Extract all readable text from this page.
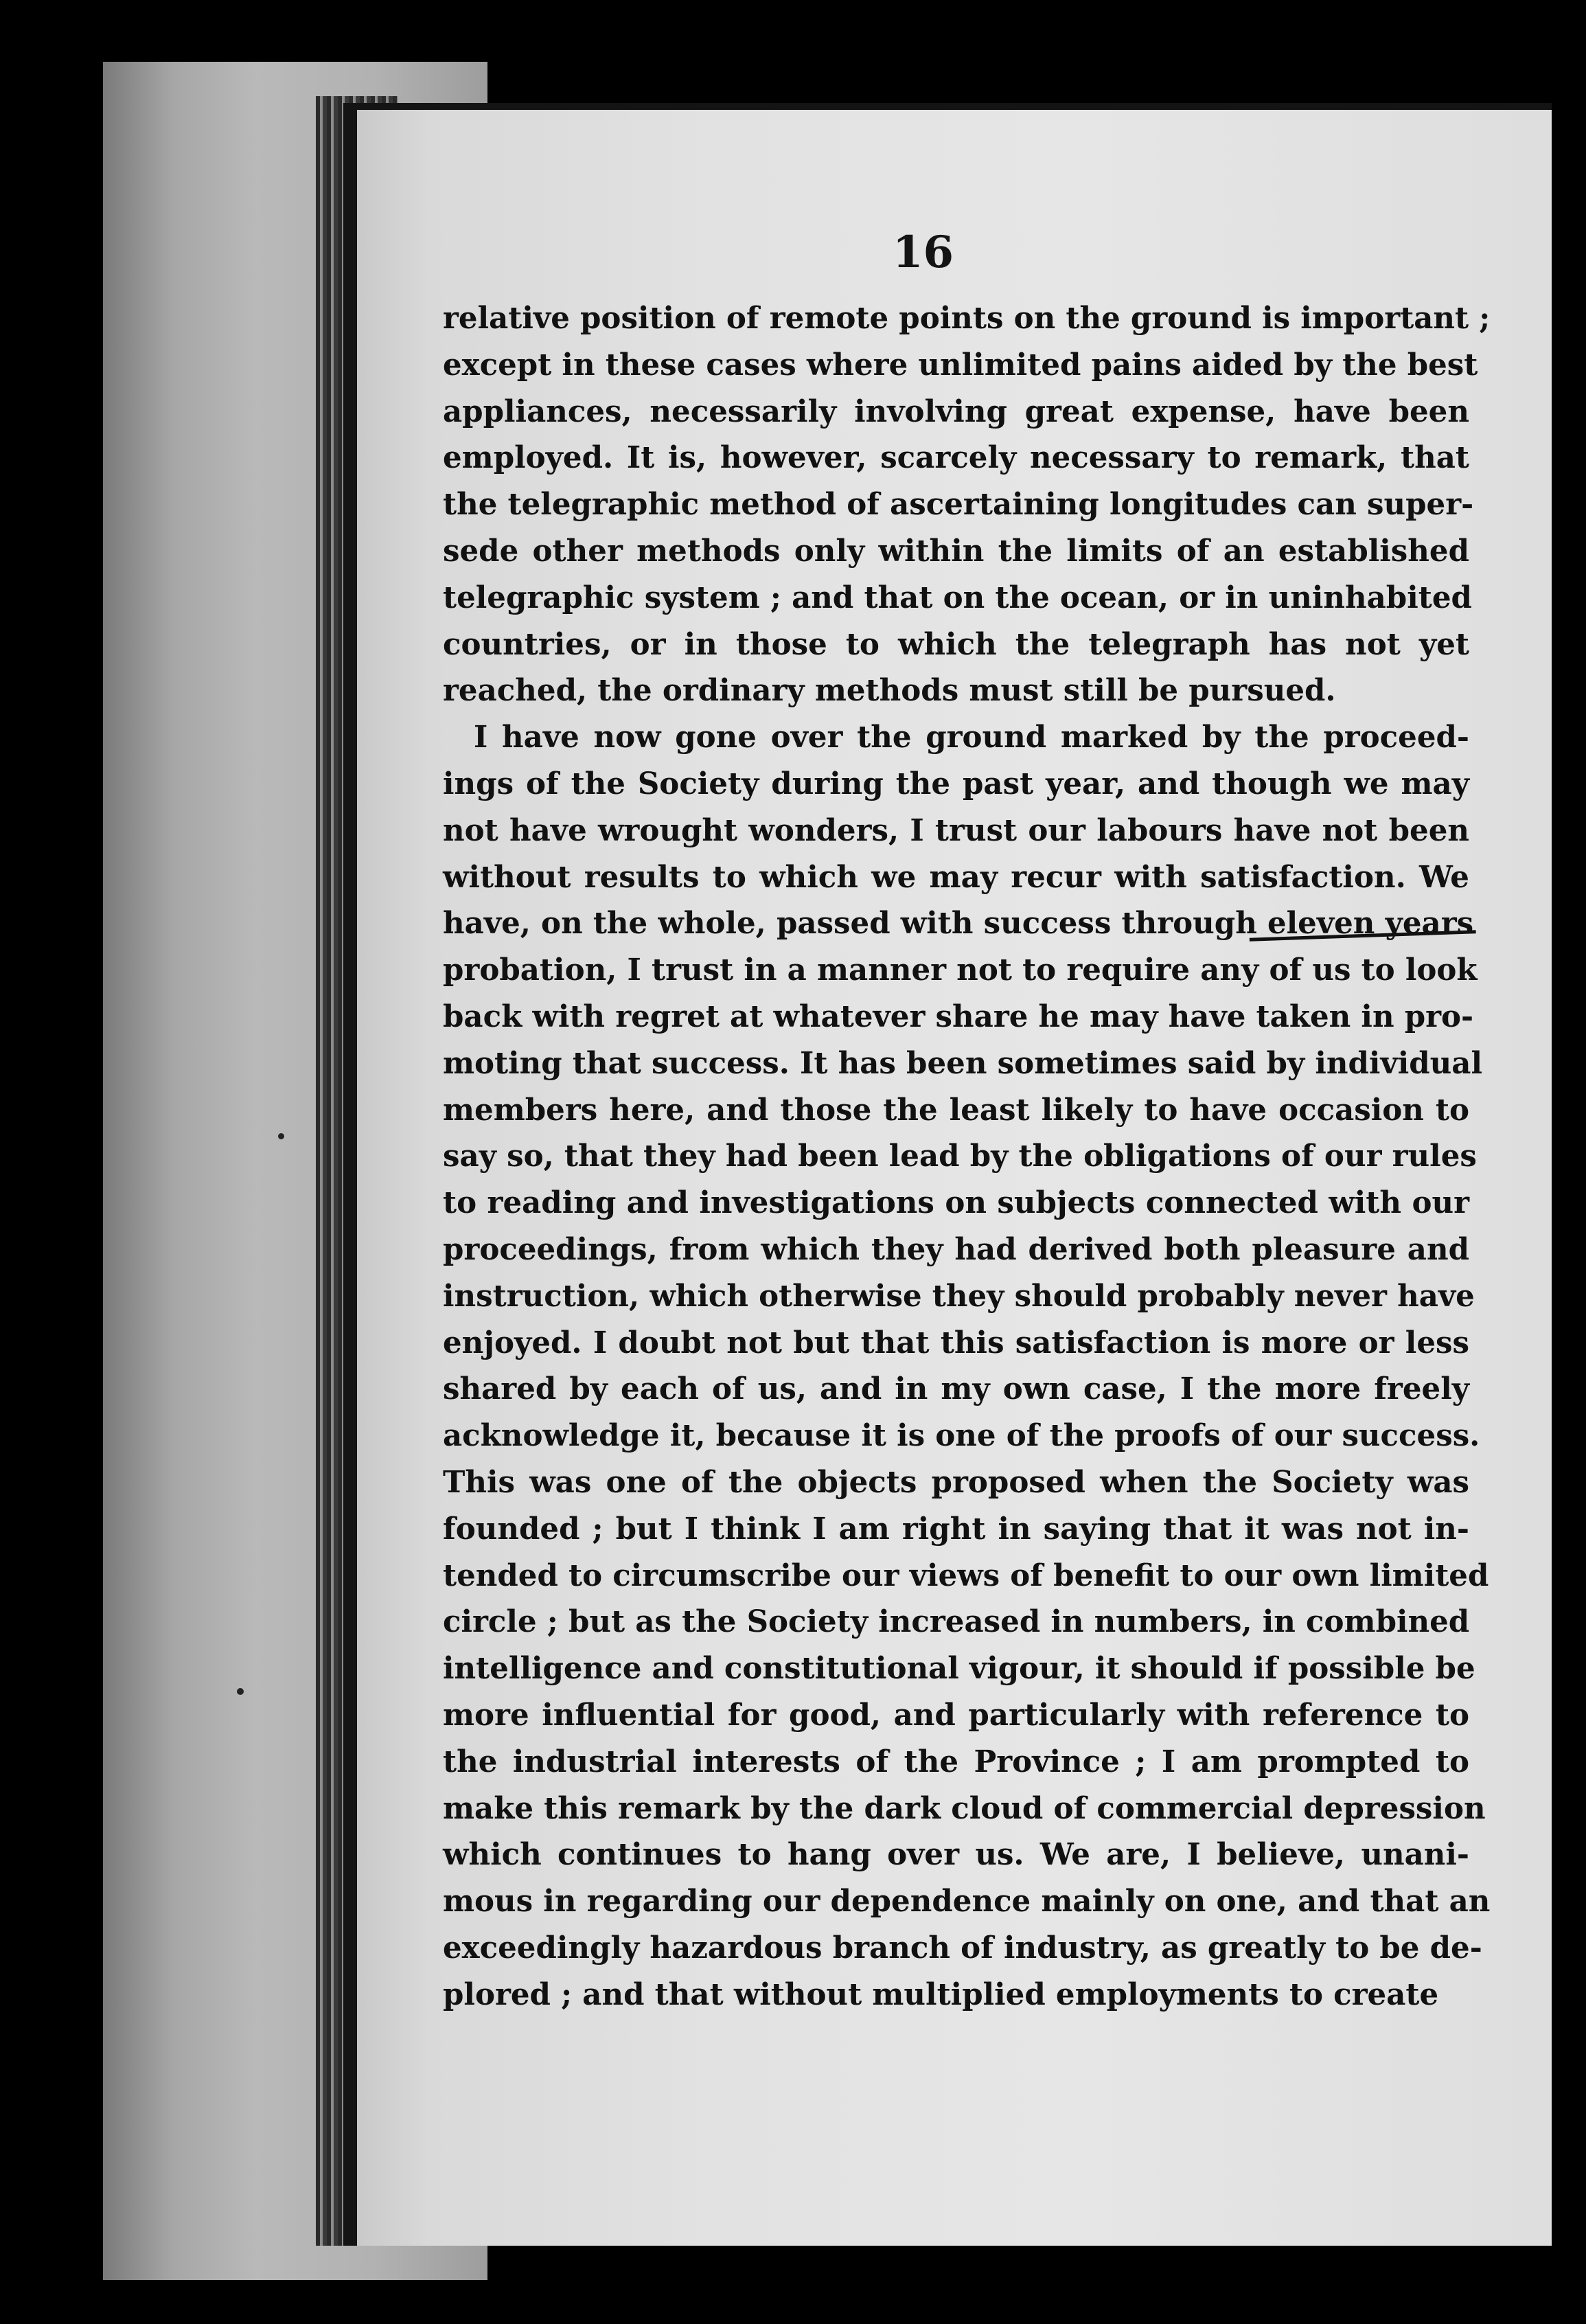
16
relative position of remote points on the ground is important ;
except in these cases where unlimited pains aided by the best
appliances, necessarily involving great expense, have been
employed. It is, however, scarcely necessary to remark, that
the telegraphic method of ascertaining longitudes can super-
sede other methods only within the limits of an established
telegraphic system ; and that on the ocean, or in uninhabited
countries, or in those to which the telegraph has not yet
reached, the ordinary methods must still be pursued.
I have now gone over the ground marked by the proceed-
ings of the Society during the past year, and though we may
not have wrought wonders, I trust our labours have not been
without results to which we may recur with satisfaction. We
have, on the whole, passed with success through eleven years
probation, I trust in a manner not to require any of us to look
back with regret at whatever share he may have taken in pro-
moting that success. It has been sometimes said by individual
members here, and those the least likely to have occasion to
say so, that they had been lead by the obligations of our rules
to reading and investigations on subjects connected with our
proceedings, from which they had derived both pleasure and
instruction, which otherwise they should probably never have
enjoyed. I doubt not but that this satisfaction is more or less
shared by each of us, and in my own case, I the more freely
acknowledge it, because it is one of the proofs of our success.
This was one of the objects proposed when the Society was
founded ; but I think I am right in saying that it was not in-
tended to circumscribe our views of benefit to our own limited
circle ; but as the Society increased in numbers, in combined
intelligence and constitutional vigour, it should if possible be
more influential for good, and particularly with reference to
the industrial interests of the Province ; I am prompted to
make this remark by the dark cloud of commercial depression
which continues to hang over us. We are, I believe, unani-
mous in regarding our dependence mainly on one, and that an
exceedingly hazardous branch of industry, as greatly to be de-
plored ; and that without multiplied employments to create
